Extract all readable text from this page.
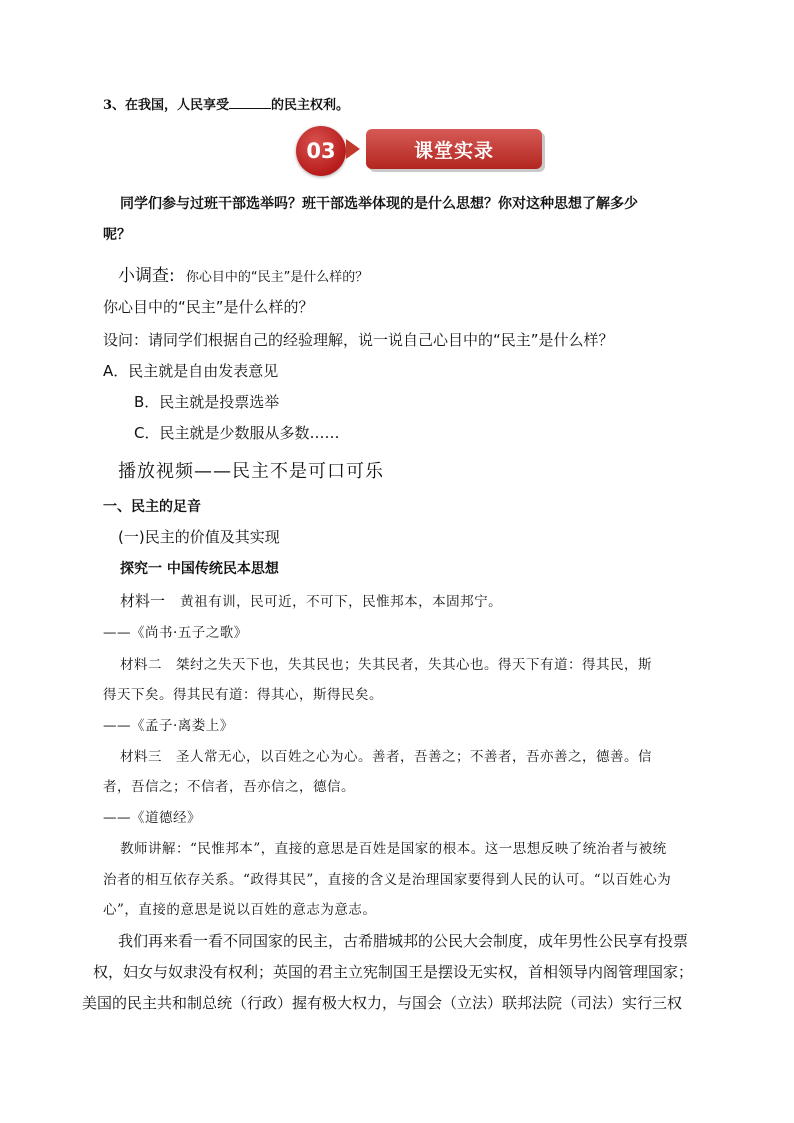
3、在我国，人民享受	的民主权利。
03	课堂实录
同学们参与过班干部选举吗？班干部选举体现的是什么思想？你对这种思想了解多少
呢？
小调查: 你心目中的“民主”是什么样的？
你心目中的“民主”是什么样的？
设问：请同学们根据自己的经验理解，说一说自己心目中的“民主”是什么样？
A．民主就是自由发表意见
B．民主就是投票选举
C．民主就是少数服从多数……
播放视频——民主不是可口可乐
一、民主的足音
(一)民主的价值及其实现
探究一 中国传统民本思想
材料一 黄祖有训，民可近，不可下，民惟邦本，本固邦宁。
——《尚书·五子之歌》
材料二　桀纣之失天下也，失其民也；失其民者，失其心也。得天下有道：得其民，斯
得天下矣。得其民有道：得其心，斯得民矣。
——《孟子·离娄上》
材料三　圣人常无心，以百姓之心为心。善者，吾善之；不善者，吾亦善之，德善。信
者，吾信之；不信者，吾亦信之，德信。
——《道德经》
教师讲解：“民惟邦本”，直接的意思是百姓是国家的根本。这一思想反映了统治者与被统
治者的相互依存关系。“政得其民”，直接的含义是治理国家要得到人民的认可。“以百姓心为
心”，直接的意思是说以百姓的意志为意志。
我们再来看一看不同国家的民主，古希腊城邦的公民大会制度，成年男性公民享有投票
权，妇女与奴隶没有权利；英国的君主立宪制国王是摆设无实权，首相领导内阁管理国家；
美国的民主共和制总统（行政）握有极大权力，与国会（立法）联邦法院（司法）实行三权
